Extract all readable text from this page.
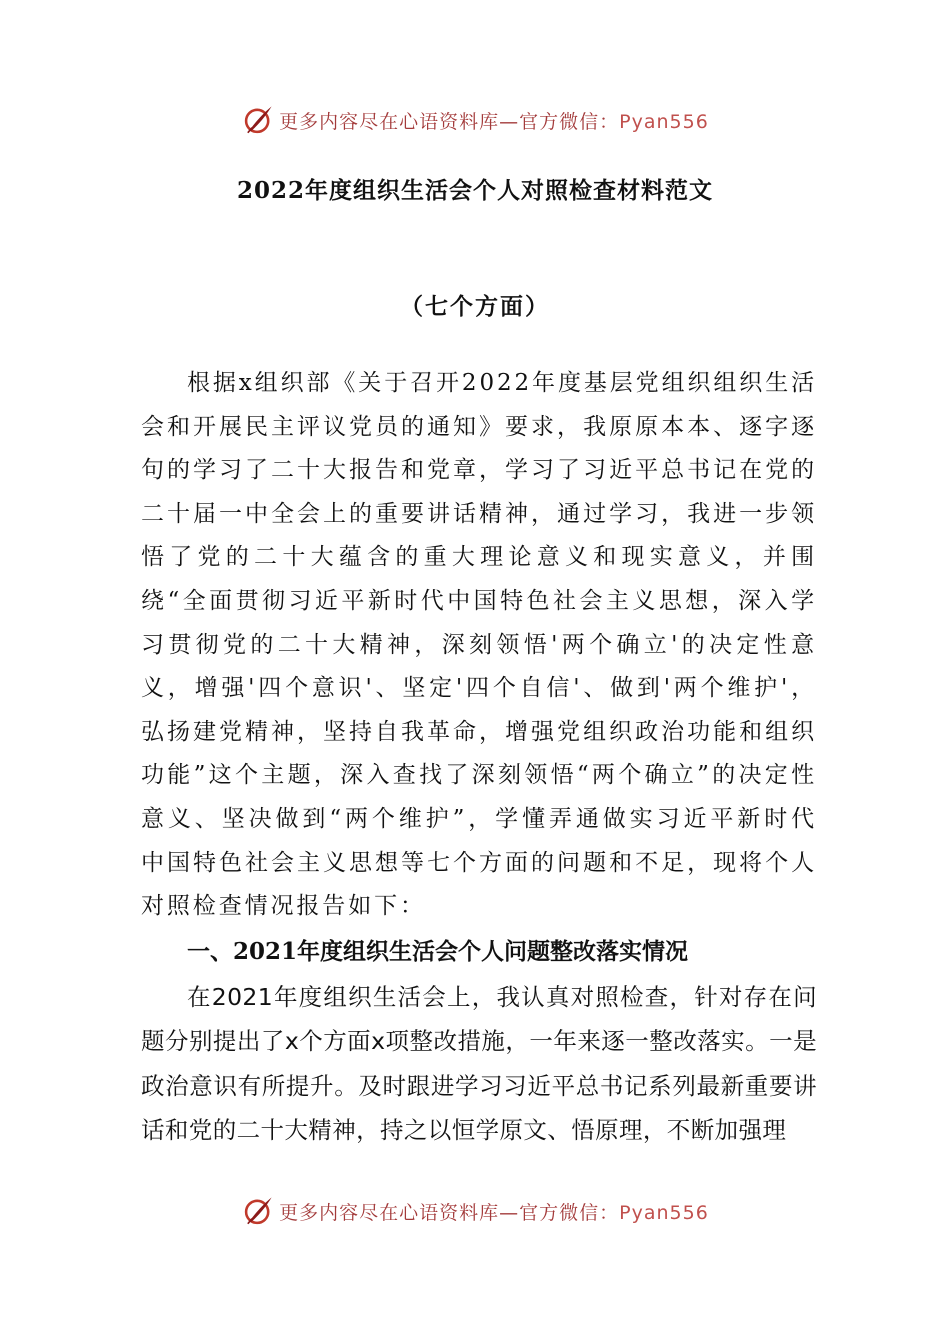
更多内容尽在心语资料库—官方微信：Pyan556
2022年度组织生活会个人对照检查材料范文
（七个方面）

根据x组织部《关于召开2022年度基层党组织组织生活会和开展民主评议党员的通知》要求，我原原本本、逐字逐句的学习了二十大报告和党章，学习了习近平总书记在党的二十届一中全会上的重要讲话精神，通过学习，我进一步领悟了党的二十大蕴含的重大理论意义和现实意义，并围绕“全面贯彻习近平新时代中国特色社会主义思想，深入学习贯彻党的二十大精神，深刻领悟'两个确立'的决定性意义，增强'四个意识'、坚定'四个自信'、做到'两个维护'，弘扬建党精神，坚持自我革命，增强党组织政治功能和组织功能”这个主题，深入查找了深刻领悟“两个确立”的决定性意义、坚决做到“两个维护”，学懂弄通做实习近平新时代中国特色社会主义思想等七个方面的问题和不足，现将个人对照检查情况报告如下：

一、2021年度组织生活会个人问题整改落实情况

在2021年度组织生活会上，我认真对照检查，针对存在问题分别提出了x个方面x项整改措施，一年来逐一整改落实。一是政治意识有所提升。及时跟进学习习近平总书记系列最新重要讲话和党的二十大精神，持之以恒学原文、悟原理，不断加强理

更多内容尽在心语资料库—官方微信：Pyan556
